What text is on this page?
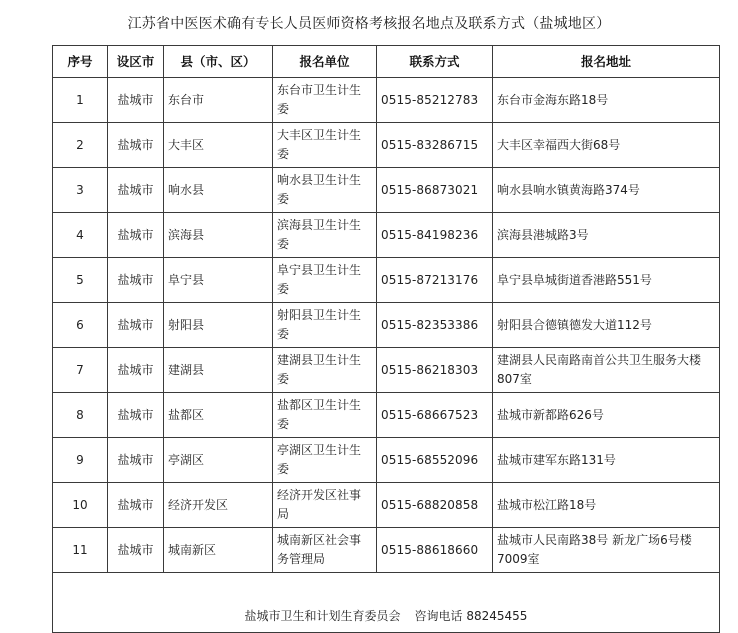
江苏省中医医术确有专长人员医师资格考核报名地点及联系方式（盐城地区）
序号	设区市	县（市、区）	报名单位	联系方式	报名地址
1	盐城市	东台市	东台市卫生计生委	0515-85212783	东台市金海东路18号
2	盐城市	大丰区	大丰区卫生计生委	0515-83286715	大丰区幸福西大街68号
3	盐城市	响水县	响水县卫生计生委	0515-86873021	响水县响水镇黄海路374号
4	盐城市	滨海县	滨海县卫生计生委	0515-84198236	滨海县港城路3号
5	盐城市	阜宁县	阜宁县卫生计生委	0515-87213176	阜宁县阜城街道香港路551号
6	盐城市	射阳县	射阳县卫生计生委	0515-82353386	射阳县合德镇德发大道112号
7	盐城市	建湖县	建湖县卫生计生委	0515-86218303	建湖县人民南路南首公共卫生服务大楼807室
8	盐城市	盐都区	盐都区卫生计生委	0515-68667523	盐城市新都路626号
9	盐城市	亭湖区	亭湖区卫生计生委	0515-68552096	盐城市建军东路131号
10	盐城市	经济开发区	经济开发区社事局	0515-68820858	盐城市松江路18号
11	盐城市	城南新区	城南新区社会事务管理局	0515-88618660	盐城市人民南路38号 新龙广场6号楼7009室
盐城市卫生和计划生育委员会 咨询电话 88245455					
